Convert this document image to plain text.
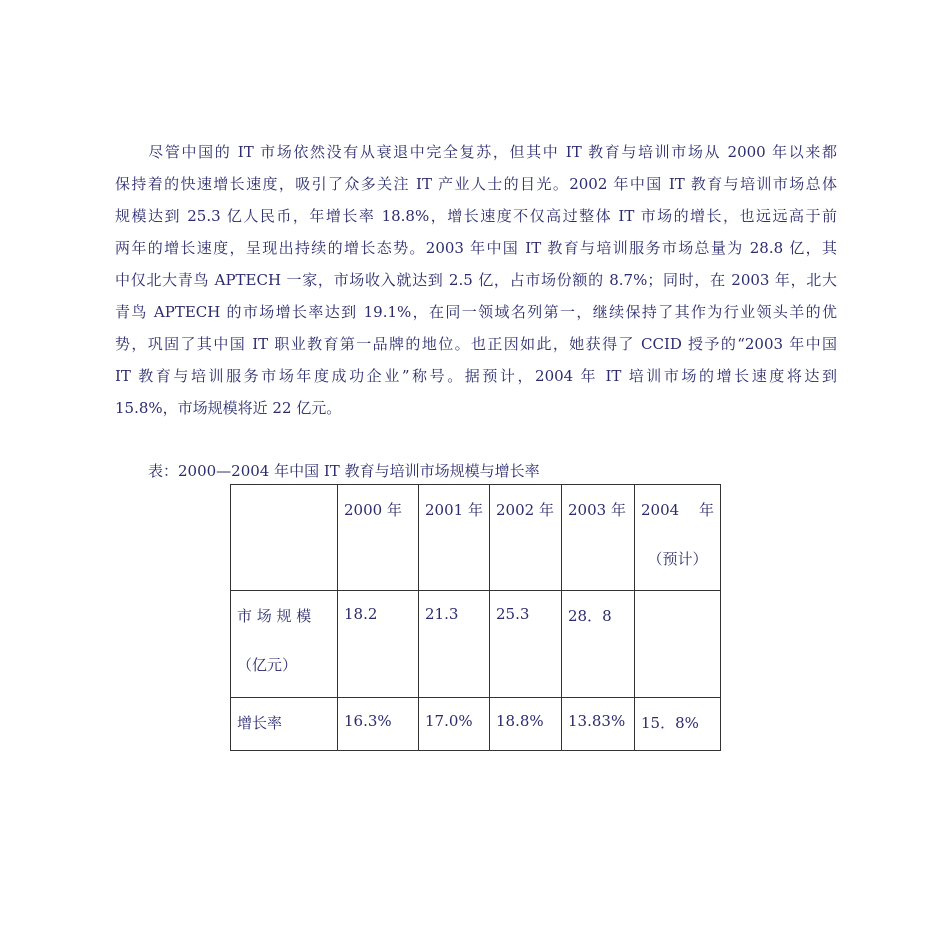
　　尽管中国的 IT 市场依然没有从衰退中完全复苏，但其中 IT 教育与培训市场从 2000 年以来都
保持着的快速增长速度，吸引了众多关注 IT 产业人士的目光。2002 年中国 IT 教育与培训市场总体
规模达到 25.3 亿人民币，年增长率 18.8%，增长速度不仅高过整体 IT 市场的增长，也远远高于前
两年的增长速度，呈现出持续的增长态势。2003 年中国 IT 教育与培训服务市场总量为 28.8 亿，其
中仅北大青鸟 APTECH 一家，市场收入就达到 2.5 亿，占市场份额的 8.7%；同时，在 2003 年，北大
青鸟 APTECH 的市场增长率达到 19.1%，在同一领域名列第一，继续保持了其作为行业领头羊的优
势，巩固了其中国 IT 职业教育第一品牌的地位。也正因如此，她获得了 CCID 授予的“2003 年中国
IT 教育与培训服务市场年度成功企业”称号。据预计，2004 年 IT 培训市场的增长速度将达到
15.8%，市场规模将近 22 亿元。
表：2000—2004 年中国 IT 教育与培训市场规模与增长率
	2000 年	2001 年	2002 年	2003 年	2004　 年
（预计）

市 场 规 模
（亿元）	18.2	21.3	25.3	28．8	
增长率	16.3%	17.0%	18.8%	13.83%	15．8%
